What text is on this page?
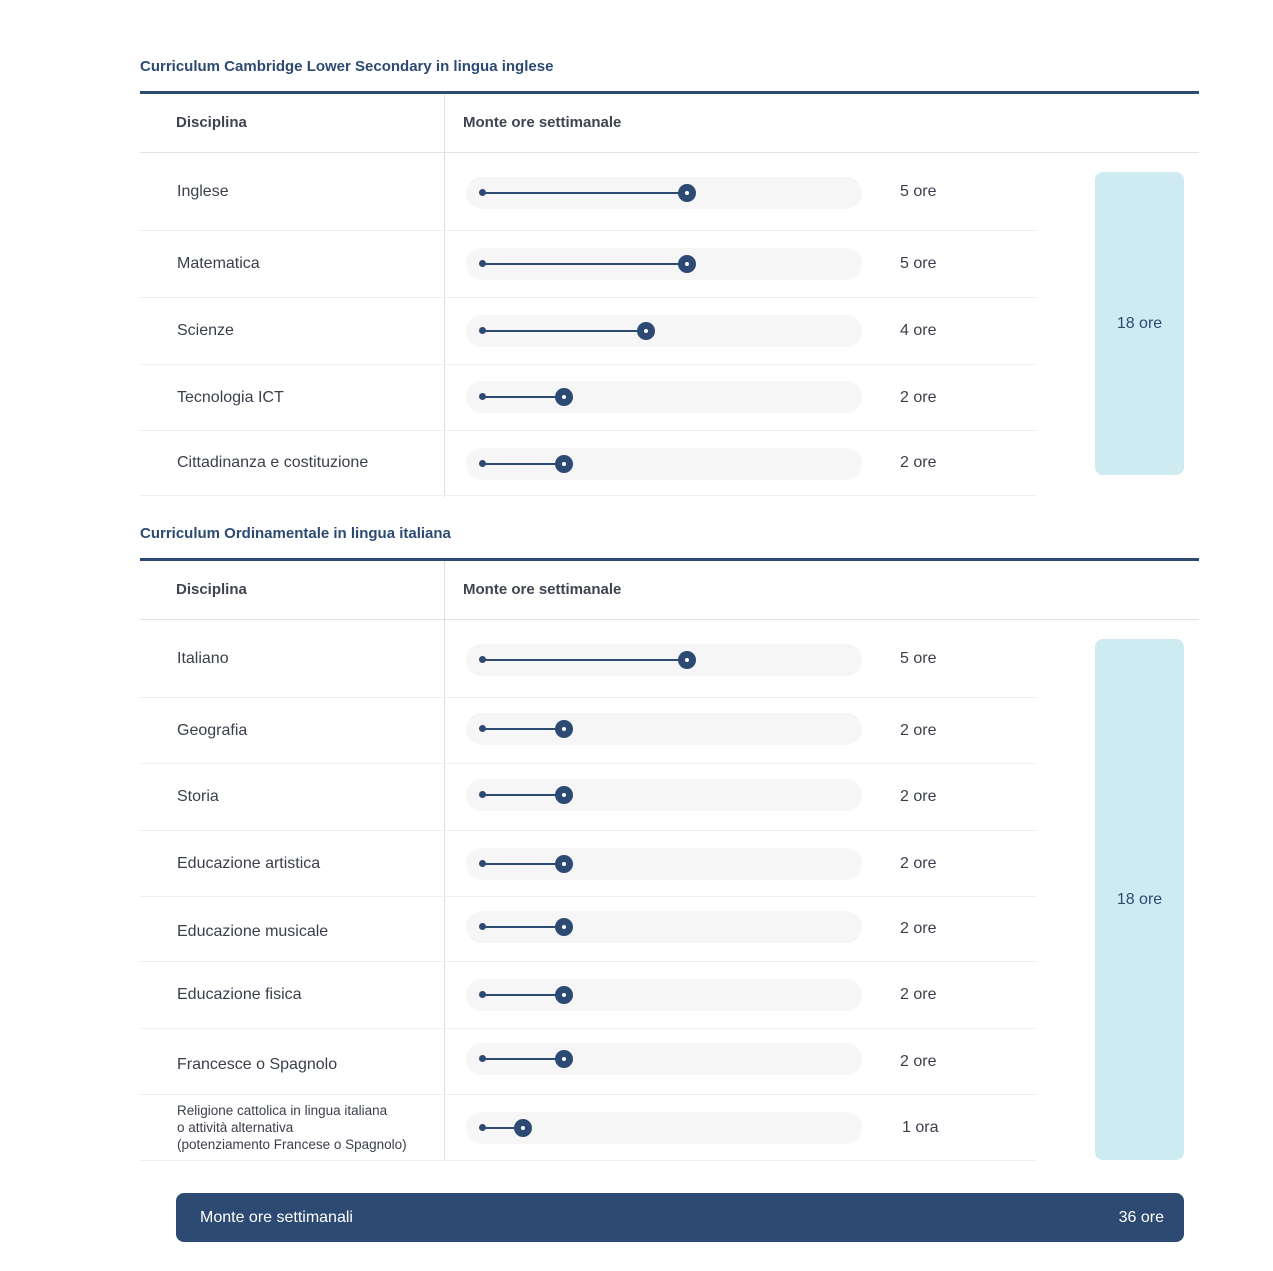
Curriculum Cambridge Lower Secondary in lingua inglese
Disciplina	Monte ore settimanale
Inglese	5 ore
Matematica	5 ore
Scienze	4 ore
Tecnologia ICT	2 ore
Cittadinanza e costituzione	2 ore
18 ore
Curriculum Ordinamentale in lingua italiana
Disciplina	Monte ore settimanale
Italiano	5 ore
Geografia	2 ore
Storia	2 ore
Educazione artistica	2 ore
Educazione musicale	2 ore
Educazione fisica	2 ore
Francesce o Spagnolo	2 ore
Religione cattolica in lingua italiana
o attività alternativa
(potenziamento Francese o Spagnolo)
1 ora
18 ore
Monte ore settimanali	36 ore
